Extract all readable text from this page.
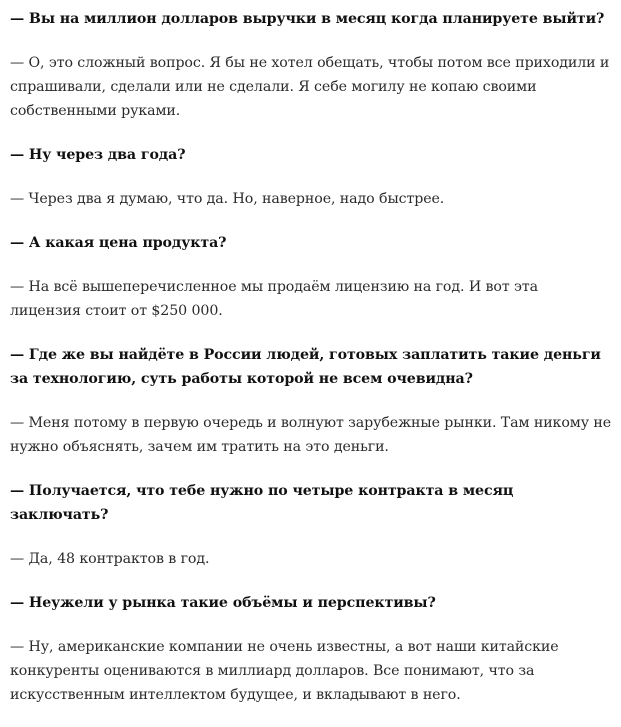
— Вы на миллион долларов выручки в месяц когда планируете выйти?

— О, это сложный вопрос. Я бы не хотел обещать, чтобы потом все приходили и спрашивали, сделали или не сделали. Я себе могилу не копаю своими собственными руками.

— Ну через два года?

— Через два я думаю, что да. Но, наверное, надо быстрее.

— А какая цена продукта?

— На всё вышеперечисленное мы продаём лицензию на год. И вот эта лицензия стоит от $250 000.

— Где же вы найдёте в России людей, готовых заплатить такие деньги за технологию, суть работы которой не всем очевидна?

— Меня потому в первую очередь и волнуют зарубежные рынки. Там никому не нужно объяснять, зачем им тратить на это деньги.

— Получается, что тебе нужно по четыре контракта в месяц заключать?

— Да, 48 контрактов в год.

— Неужели у рынка такие объёмы и перспективы?

— Ну, американские компании не очень известны, а вот наши китайские конкуренты оцениваются в миллиард долларов. Все понимают, что за искусственным интеллектом будущее, и вкладывают в него.
